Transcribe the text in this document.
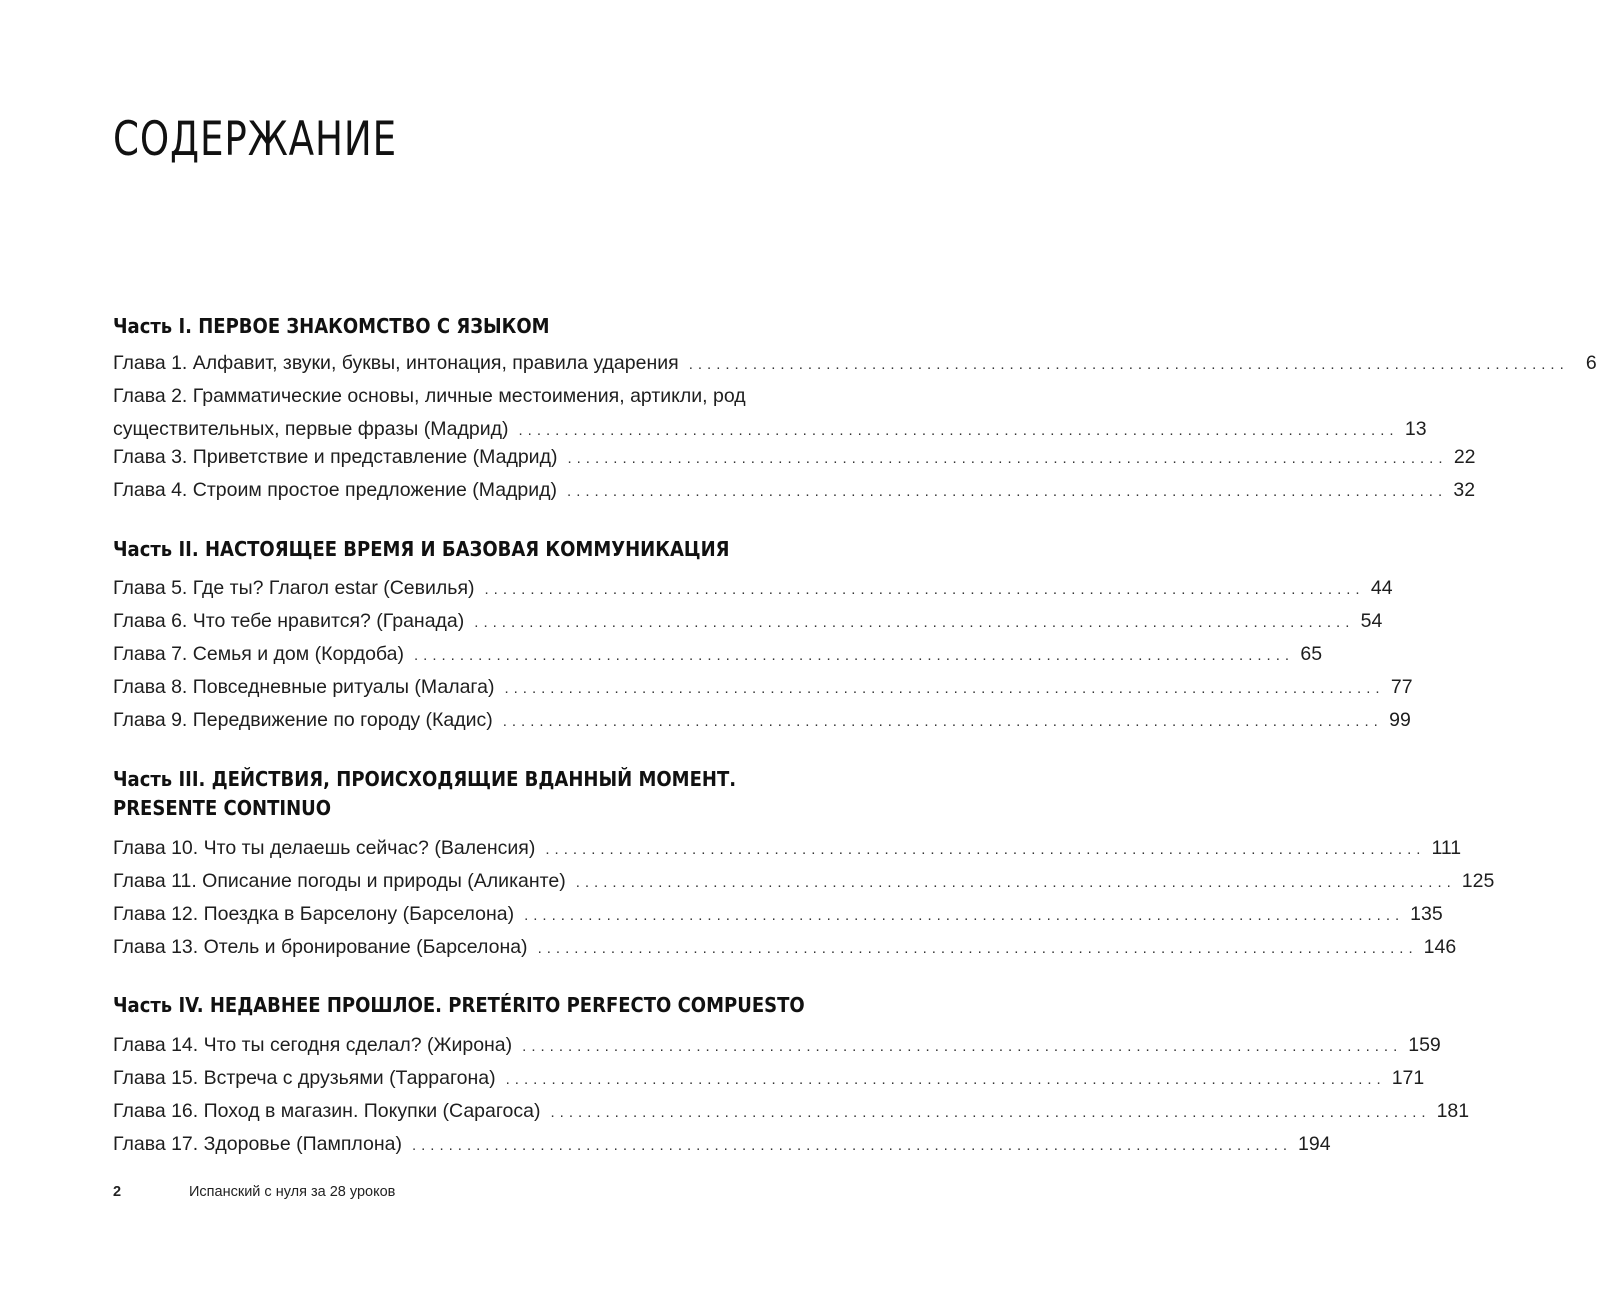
СОДЕРЖАНИЕ
Часть I. ПЕРВОЕ ЗНАКОМСТВО С ЯЗЫКОМ
Глава 1. Алфавит, звуки, буквы, интонация, правила ударения ................................................................................................ 6
Глава 2. Грамматические основы, личные местоимения, артикли, род
существительных, первые фразы (Мадрид) ................................................................................................ 13
Глава 3. Приветствие и представление (Мадрид) ................................................................................................ 22
Глава 4. Строим простое предложение (Мадрид) ................................................................................................ 32
Часть II. НАСТОЯЩЕЕ ВРЕМЯ И БАЗОВАЯ КОММУНИКАЦИЯ
Глава 5. Где ты? Глагол estar (Севилья) ................................................................................................ 44
Глава 6. Что тебе нравится? (Гранада) ................................................................................................ 54
Глава 7. Семья и дом (Кордоба) ................................................................................................ 65
Глава 8. Повседневные ритуалы (Малага) ................................................................................................ 77
Глава 9. Передвижение по городу (Кадис) ................................................................................................ 99
Часть III. ДЕЙСТВИЯ, ПРОИСХОДЯЩИЕ ВДАННЫЙ МОМЕНТ.
PRESENTE CONTINUO
Глава 10. Что ты делаешь сейчас? (Валенсия) ................................................................................................ 111
Глава 11. Описание погоды и природы (Аликанте) ................................................................................................ 125
Глава 12. Поездка в Барселону (Барселона) ................................................................................................ 135
Глава 13. Отель и бронирование (Барселона) ................................................................................................ 146
Часть IV. НЕДАВНЕЕ ПРОШЛОЕ. PRETÉRITO PERFECTO COMPUESTO
Глава 14. Что ты сегодня сделал? (Жирона) ................................................................................................ 159
Глава 15. Встреча с друзьями (Таррагона) ................................................................................................ 171
Глава 16. Поход в магазин. Покупки (Сарагоса) ................................................................................................ 181
Глава 17. Здоровье (Памплона) ................................................................................................ 194
2	Испанский с нуля за 28 уроков
